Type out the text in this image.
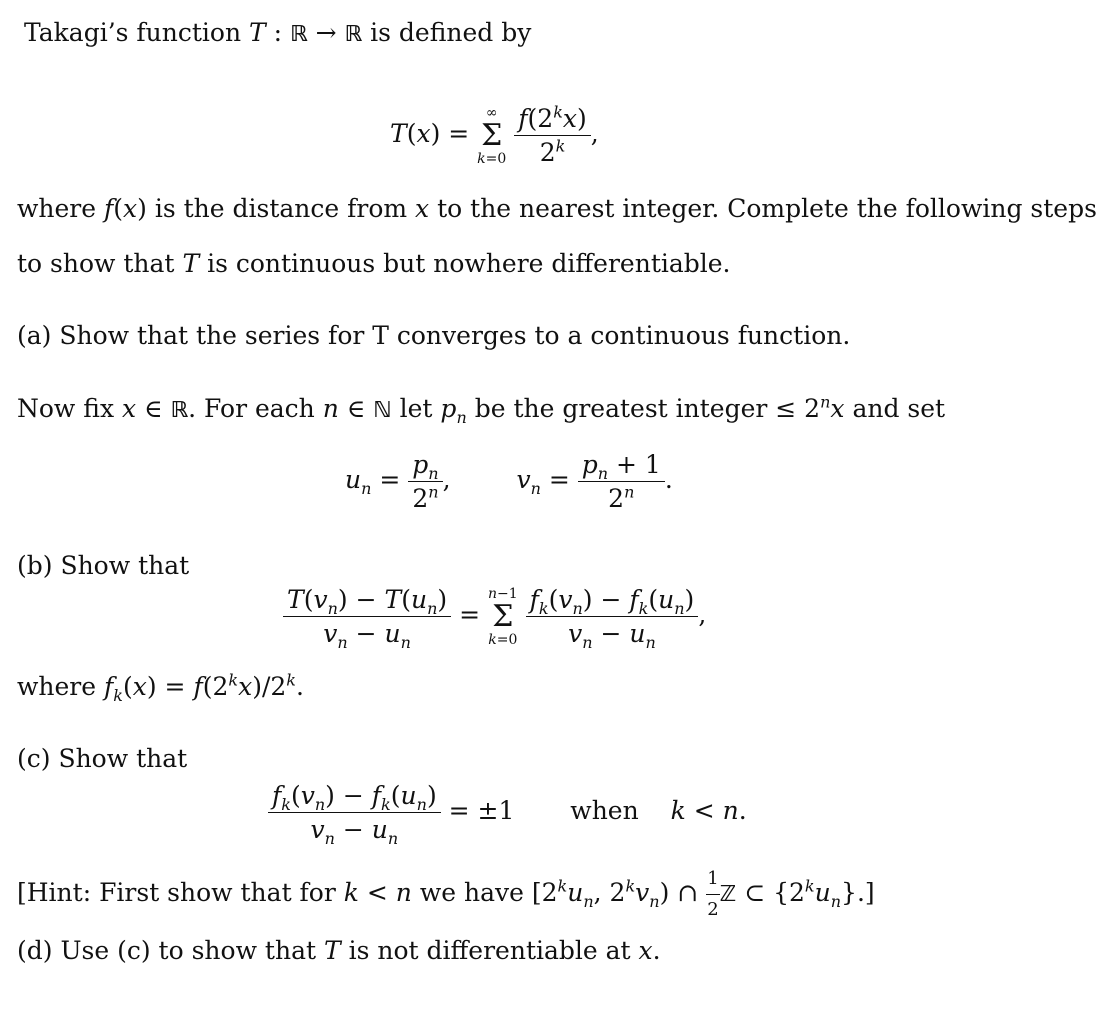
Takagi’s function T : ℝ → ℝ is defined by
T(x) = ∞
Σ
$k=0 \frac{f(2^kx)}{2^k}$ ,
where f(x) is the distance from x to the nearest integer. Complete the following steps
to show that T is continuous but nowhere differentiable.
(a) Show that the series for T converges to a continuous function.
Now fix x ∈ ℝ. For each n ∈ ℕ let $p_n$ be the greatest integer ≤ $2^nx$ and set
$u_n = \frac{p_n}{2^n}$ ,  $v_n = \frac{p_n + 1}{2^n}$ .
(b) Show that
$\frac{T(v_n) - T(u_n)}{v_n - u_n} = n-1$
Σ
$k=0 \frac{f_k(v_n) - f_k(u_n)}{v_n - u_n}$ ,
where $f_k(x) = f(2^kx)/2^k$.
(c) Show that
$\frac{f_k(v_n) - f_k(u_n)}{v_n - u_n} = \pm 1$  when k < n.
[Hint: First show that for k < n we have [$2^ku_n$, $2^kv_n$) ∩ $\frac{1}{2}$ ℤ ⊂ $\{2^ku_n\}$.]
(d) Use (c) to show that T is not differentiable at x.
